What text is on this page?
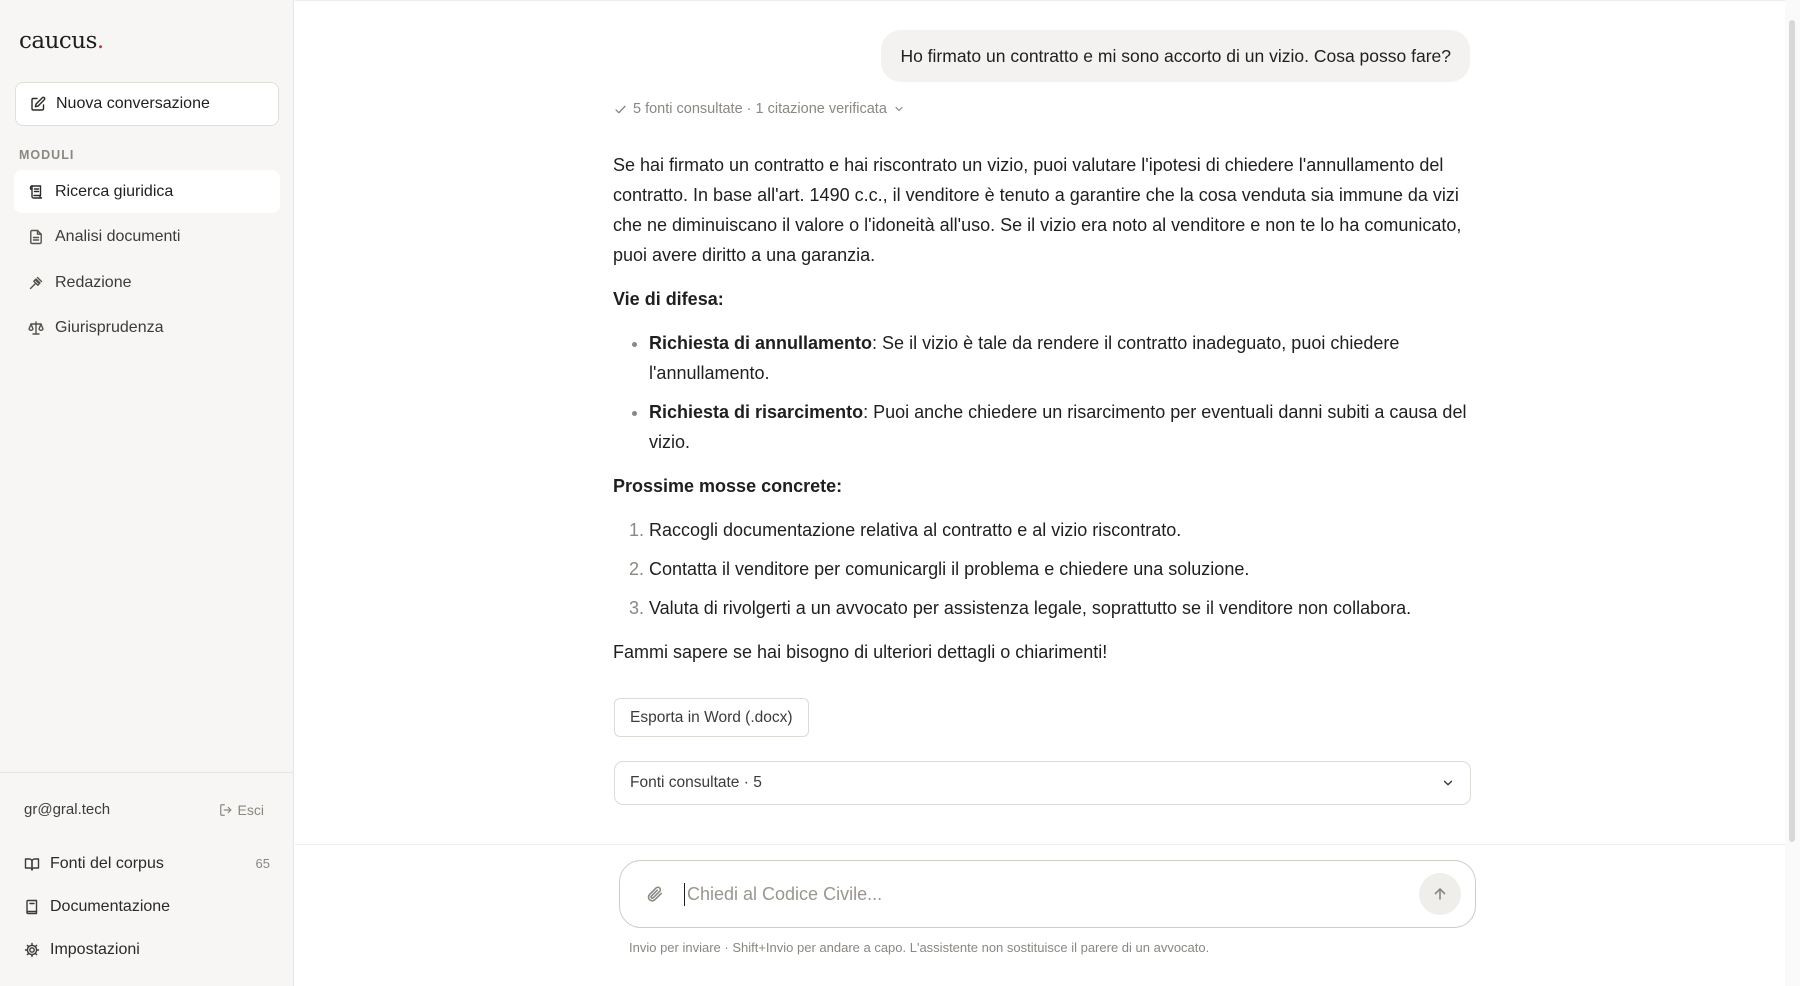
caucus.
Nuova conversazione
MODULI
Ricerca giuridica
Analisi documenti
Redazione
Giurisprudenza
gr@gral.tech	Esci
Fonti del corpus	65
Documentazione
Impostazioni
Ho firmato un contratto e mi sono accorto di un vizio. Cosa posso fare?
5 fonti consultate · 1 citazione verificata

Se hai firmato un contratto e hai riscontrato un vizio, puoi valutare l'ipotesi di chiedere l'annullamento del contratto. In base all'art. 1490 c.c., il venditore è tenuto a garantire che la cosa venduta sia immune da vizi che ne diminuiscano il valore o l'idoneità all'uso. Se il vizio era noto al venditore e non te lo ha comunicato, puoi avere diritto a una garanzia.

Vie di difesa:
• Richiesta di annullamento: Se il vizio è tale da rendere il contratto inadeguato, puoi chiedere l'annullamento.
• Richiesta di risarcimento: Puoi anche chiedere un risarcimento per eventuali danni subiti a causa del vizio.
Prossime mosse concrete:
1. Raccogli documentazione relativa al contratto e al vizio riscontrato.
2. Contatta il venditore per comunicargli il problema e chiedere una soluzione.
3. Valuta di rivolgerti a un avvocato per assistenza legale, soprattutto se il venditore non collabora.

Fammi sapere se hai bisogno di ulteriori dettagli o chiarimenti!

Esporta in Word (.docx)
Fonti consultate · 5
Chiedi al Codice Civile...
Invio per inviare · Shift+Invio per andare a capo. L'assistente non sostituisce il parere di un avvocato.
